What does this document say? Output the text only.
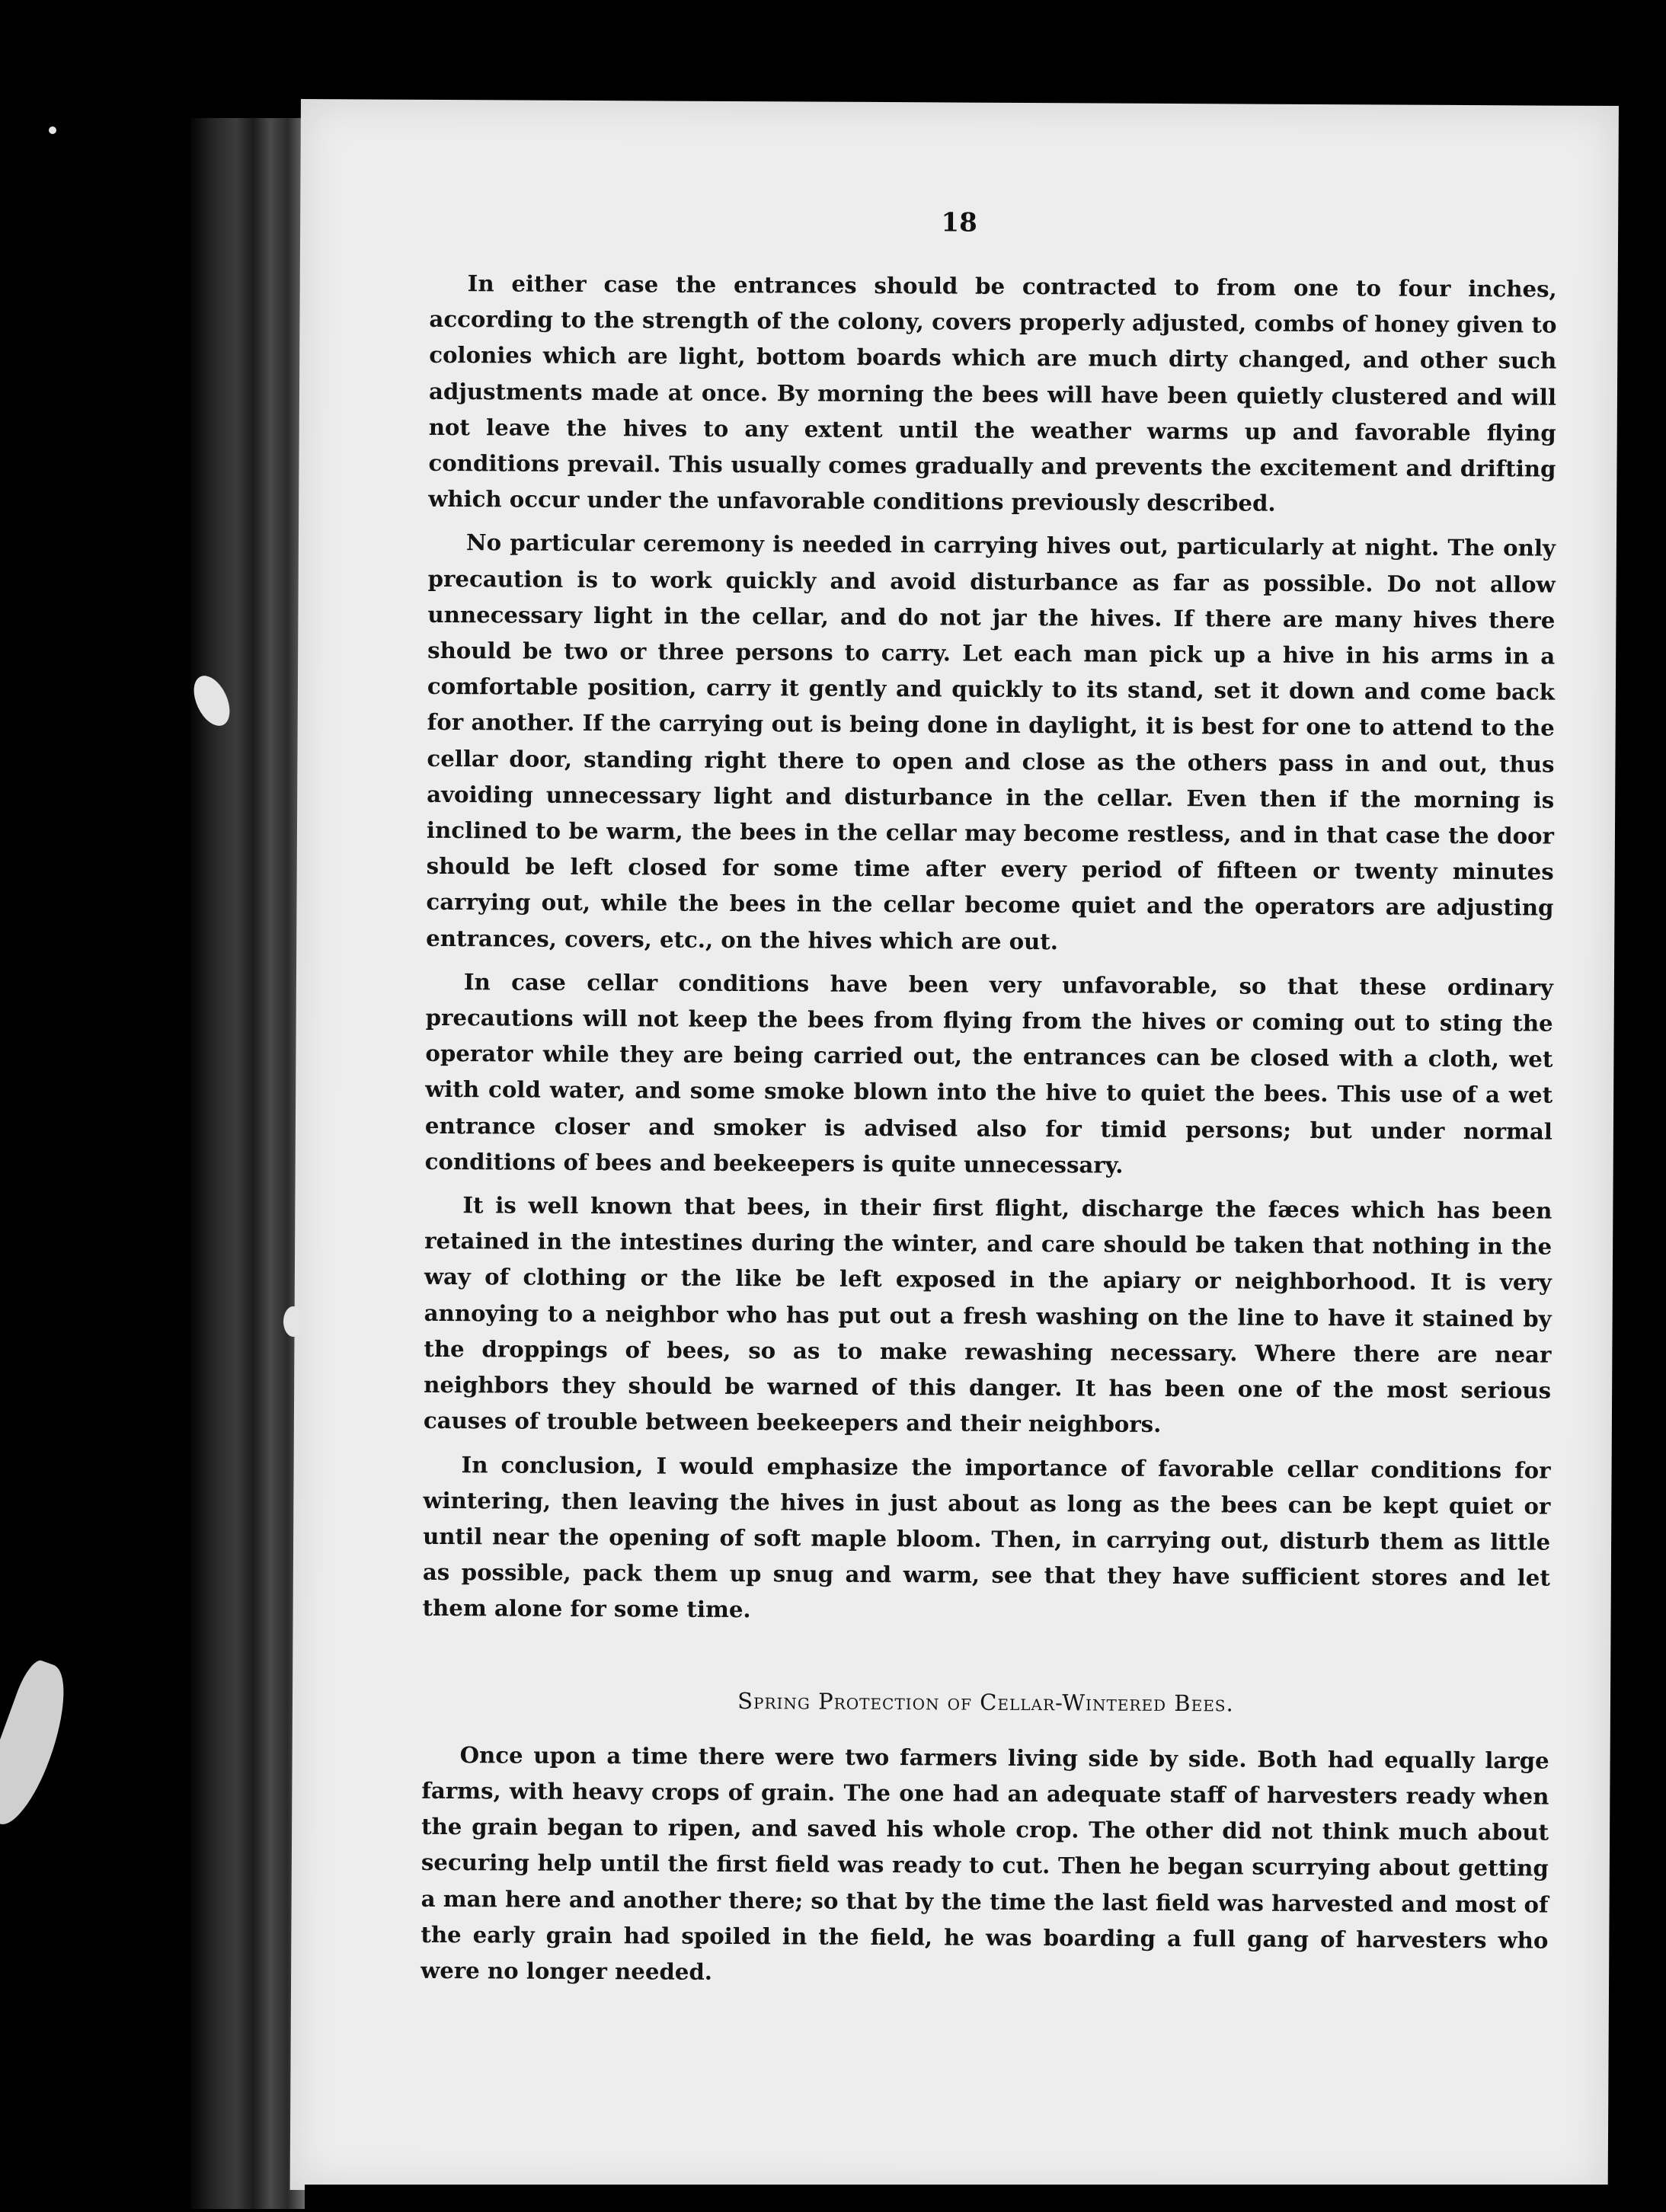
18

In either case the entrances should be contracted to from one to four inches, according to the strength of the colony, covers properly adjusted, combs of honey given to colonies which are light, bottom boards which are much dirty changed, and other such adjustments made at once. By morning the bees will have been quietly clustered and will not leave the hives to any extent until the weather warms up and favorable flying conditions prevail. This usually comes gradually and prevents the excitement and drifting which occur under the unfavorable conditions previously described.

No particular ceremony is needed in carrying hives out, particularly at night. The only precaution is to work quickly and avoid disturbance as far as possible. Do not allow unnecessary light in the cellar, and do not jar the hives. If there are many hives there should be two or three persons to carry. Let each man pick up a hive in his arms in a comfortable position, carry it gently and quickly to its stand, set it down and come back for another. If the carrying out is being done in daylight, it is best for one to attend to the cellar door, standing right there to open and close as the others pass in and out, thus avoiding unnecessary light and disturbance in the cellar. Even then if the morning is inclined to be warm, the bees in the cellar may become restless, and in that case the door should be left closed for some time after every period of fifteen or twenty minutes carrying out, while the bees in the cellar become quiet and the operators are adjusting entrances, covers, etc., on the hives which are out.

In case cellar conditions have been very unfavorable, so that these ordinary precautions will not keep the bees from flying from the hives or coming out to sting the operator while they are being carried out, the entrances can be closed with a cloth, wet with cold water, and some smoke blown into the hive to quiet the bees. This use of a wet entrance closer and smoker is advised also for timid persons; but under normal conditions of bees and beekeepers is quite unnecessary.

It is well known that bees, in their first flight, discharge the fæces which has been retained in the intestines during the winter, and care should be taken that nothing in the way of clothing or the like be left exposed in the apiary or neighborhood. It is very annoying to a neighbor who has put out a fresh washing on the line to have it stained by the droppings of bees, so as to make rewashing necessary. Where there are near neighbors they should be warned of this danger. It has been one of the most serious causes of trouble between beekeepers and their neighbors.

In conclusion, I would emphasize the importance of favorable cellar conditions for wintering, then leaving the hives in just about as long as the bees can be kept quiet or until near the opening of soft maple bloom. Then, in carrying out, disturb them as little as possible, pack them up snug and warm, see that they have sufficient stores and let them alone for some time.

Spring Protection of Cellar-Wintered Bees.

Once upon a time there were two farmers living side by side. Both had equally large farms, with heavy crops of grain. The one had an adequate staff of harvesters ready when the grain began to ripen, and saved his whole crop. The other did not think much about securing help until the first field was ready to cut. Then he began scurrying about getting a man here and another there; so that by the time the last field was harvested and most of the early grain had spoiled in the field, he was boarding a full gang of harvesters who were no longer needed.
